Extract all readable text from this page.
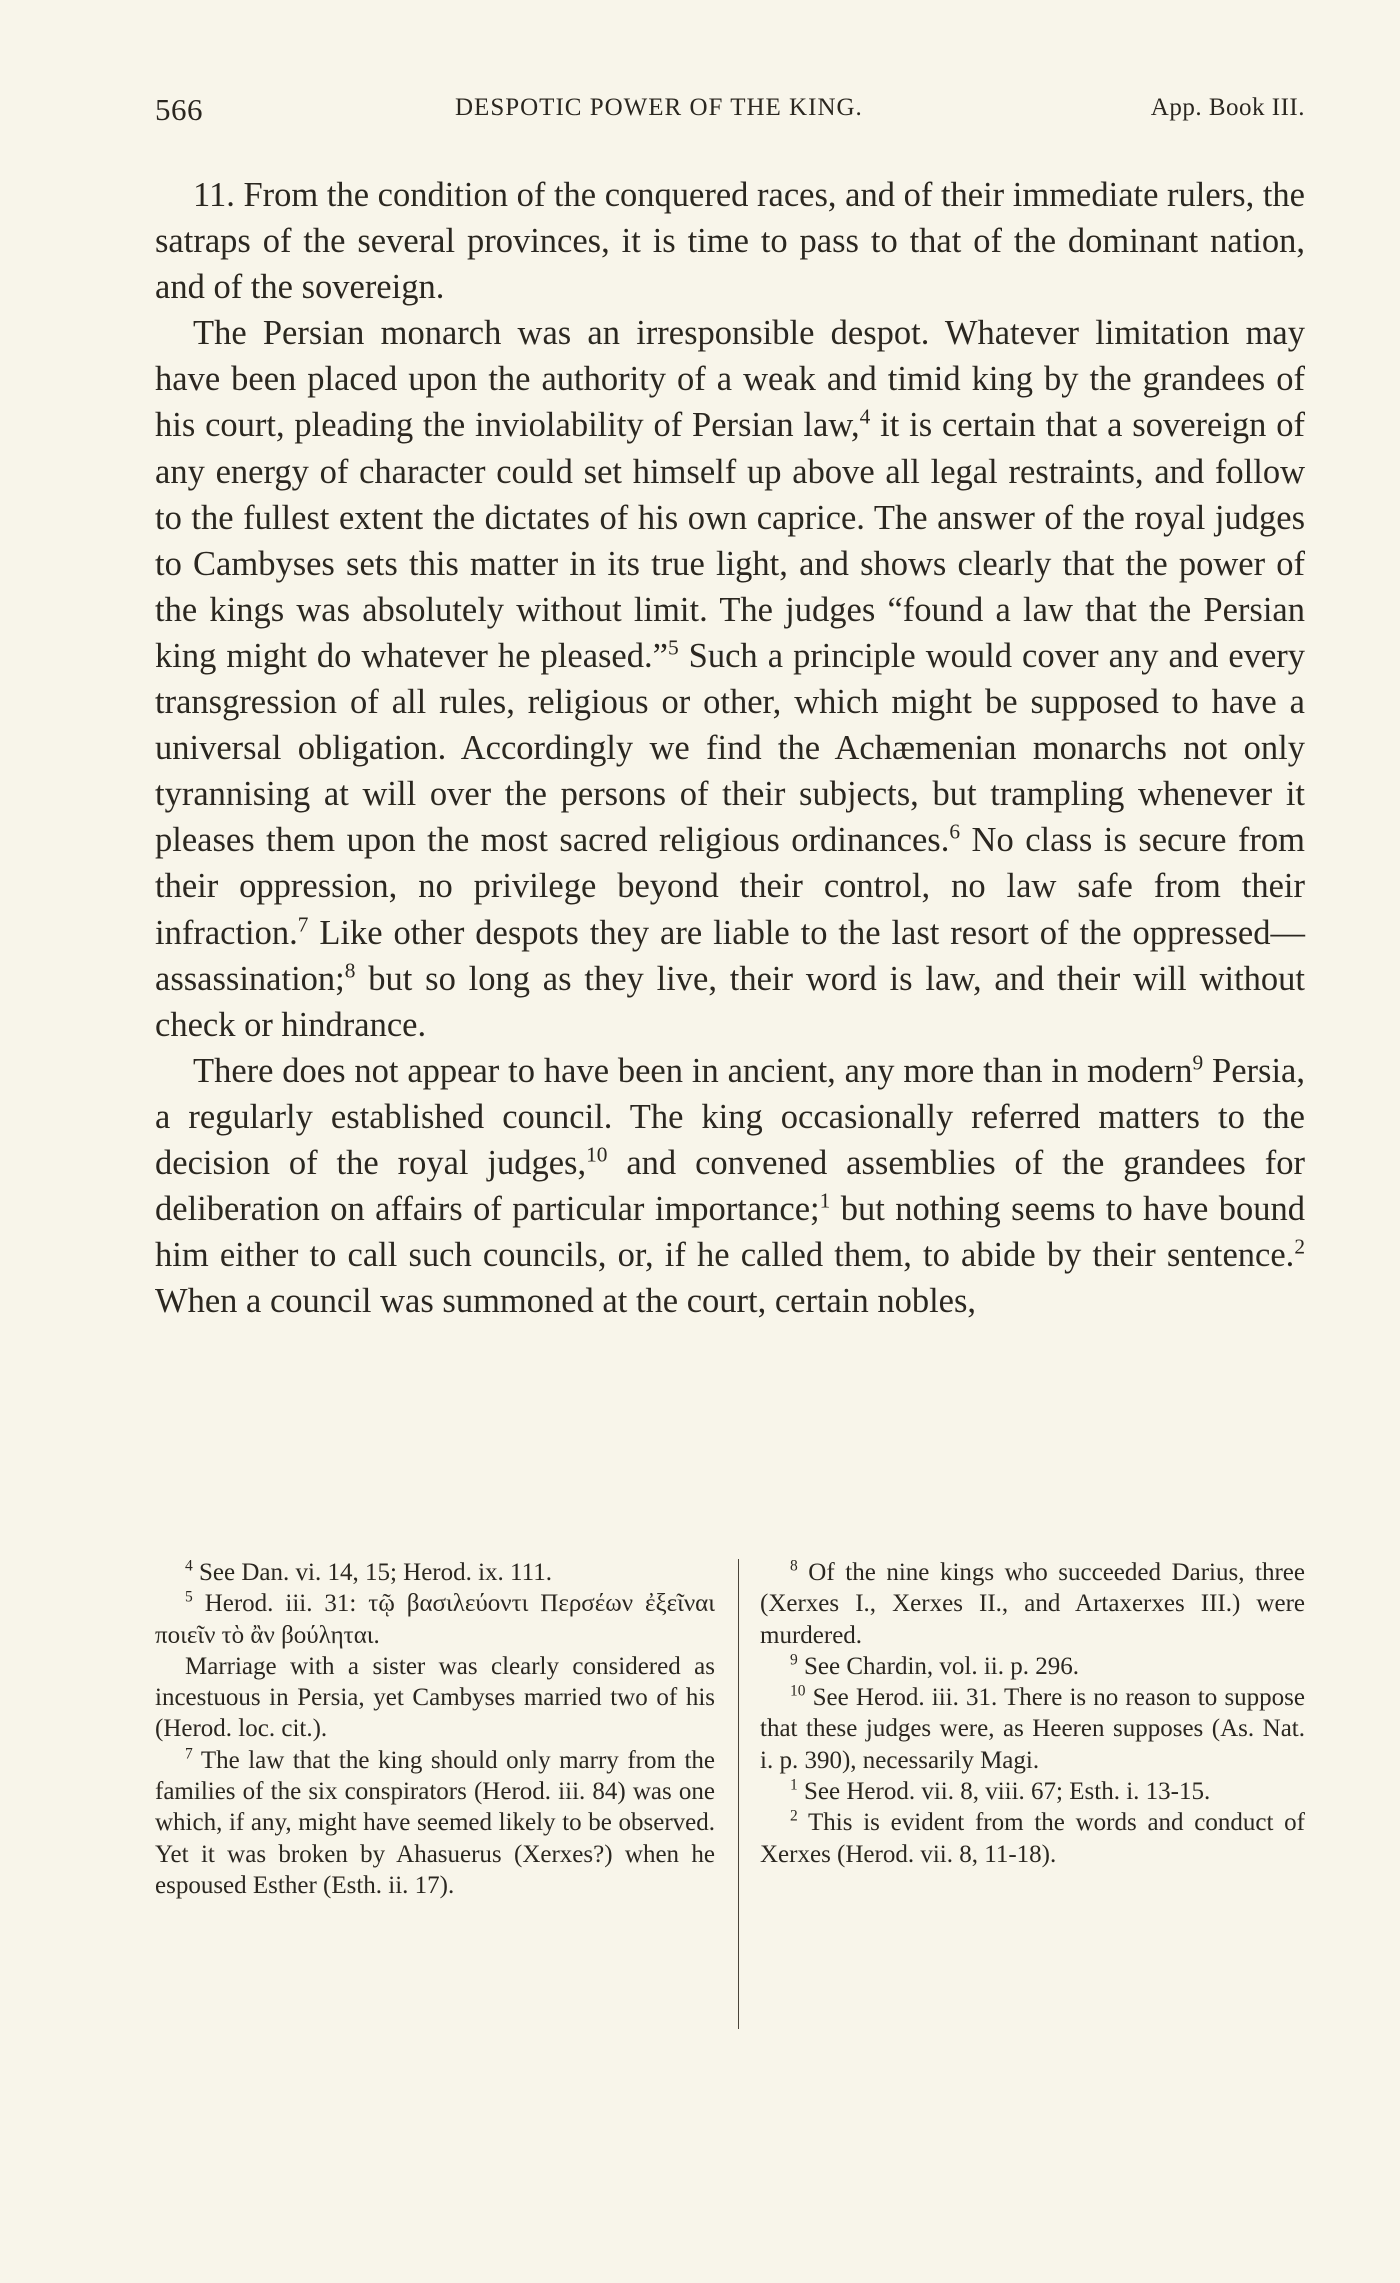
566	DESPOTIC POWER OF THE KING.	App. Book III.

11. From the condition of the conquered races, and of their immediate rulers, the satraps of the several provinces, it is time to pass to that of the dominant nation, and of the sovereign.

The Persian monarch was an irresponsible despot. Whatever limitation may have been placed upon the authority of a weak and timid king by the grandees of his court, pleading the inviolability of Persian law,$^4$ it is certain that a sovereign of any energy of character could set himself up above all legal restraints, and follow to the fullest extent the dictates of his own caprice. The answer of the royal judges to Cambyses sets this matter in its true light, and shows clearly that the power of the kings was absolutely without limit. The judges “found a law that the Persian king might do whatever he pleased.”$^5$ Such a principle would cover any and every transgression of all rules, religious or other, which might be supposed to have a universal obligation. Accordingly we find the Achæmenian monarchs not only tyrannising at will over the persons of their subjects, but trampling whenever it pleases them upon the most sacred religious ordinances.$^6$ No class is secure from their oppression, no privilege beyond their control, no law safe from their infraction.$^7$ Like other despots they are liable to the last resort of the oppressed—assassination;$^8$ but so long as they live, their word is law, and their will without check or hindrance.

There does not appear to have been in ancient, any more than in modern$^9$ Persia, a regularly established council. The king occasionally referred matters to the decision of the royal judges,$^{10}$ and convened assemblies of the grandees for deliberation on affairs of particular importance;$^1$ but nothing seems to have bound him either to call such councils, or, if he called them, to abide by their sentence.$^2$ When a council was summoned at the court, certain nobles,

$^4$ See Dan. vi. 14, 15; Herod. ix. 111.

$^5$ Herod. iii. 31: τῷ βασιλεύοντι Περσέων ἐξεῖναι ποιεῖν τὸ ἂν βούληται.

Marriage with a sister was clearly considered as incestuous in Persia, yet Cambyses married two of his (Herod. loc. cit.).

$^7$ The law that the king should only marry from the families of the six conspirators (Herod. iii. 84) was one which, if any, might have seemed likely to be observed. Yet it was broken by Ahasuerus (Xerxes?) when he espoused Esther (Esth. ii. 17).

$^8$ Of the nine kings who succeeded Darius, three (Xerxes I., Xerxes II., and Artaxerxes III.) were murdered.

$^9$ See Chardin, vol. ii. p. 296.

$^{10}$ See Herod. iii. 31. There is no reason to suppose that these judges were, as Heeren supposes (As. Nat. i. p. 390), necessarily Magi.

$^1$ See Herod. vii. 8, viii. 67; Esth. i. 13-15.

$^2$ This is evident from the words and conduct of Xerxes (Herod. vii. 8, 11-18).
